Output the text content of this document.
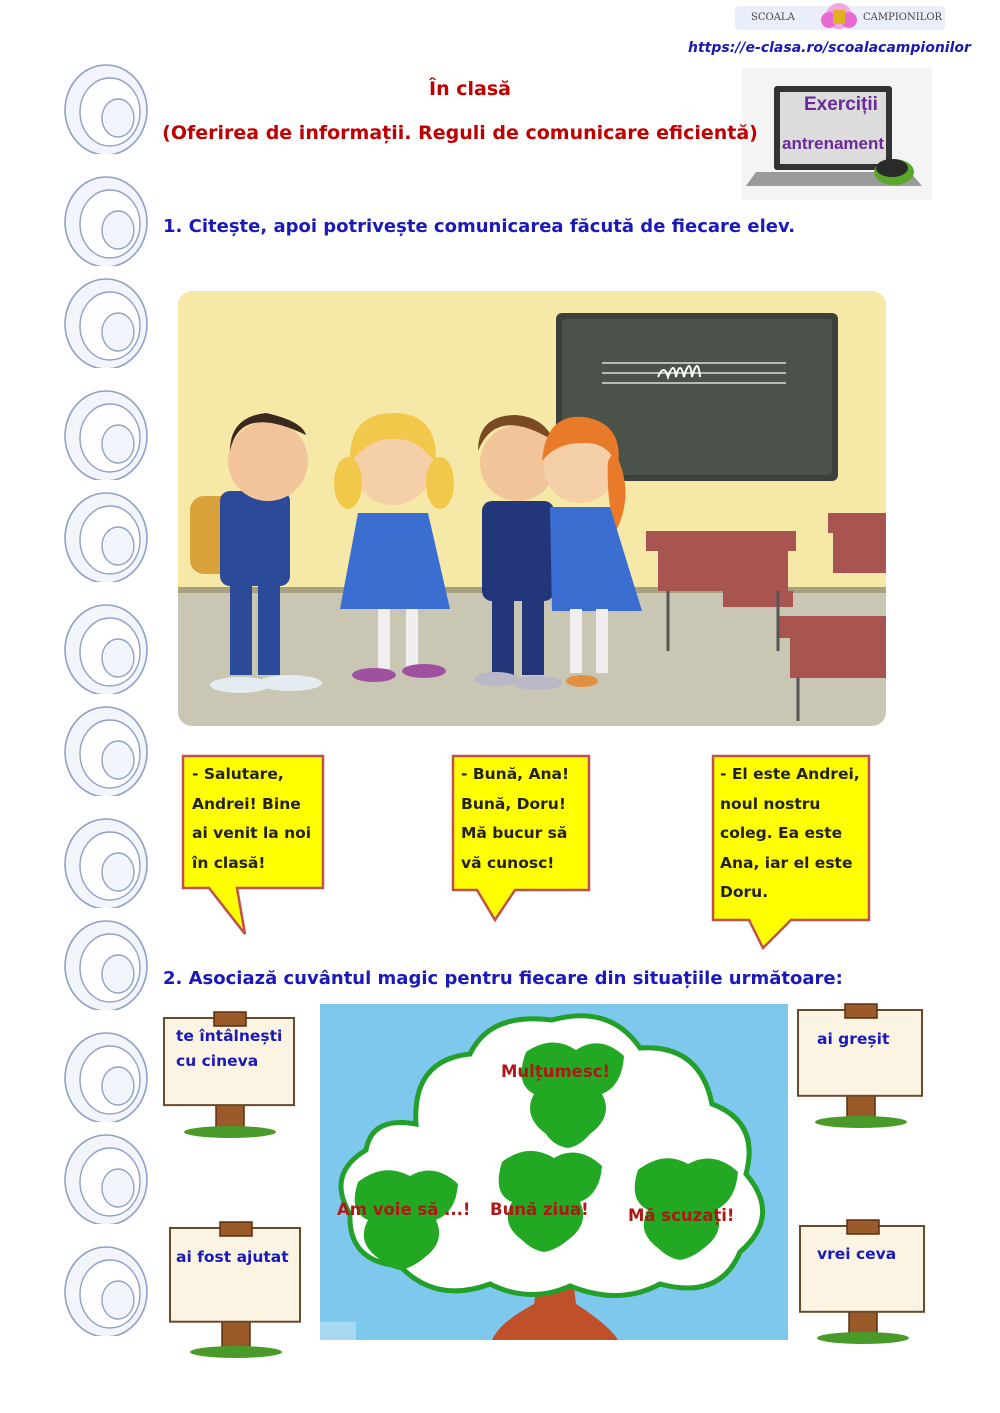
SCOALA	CAMPIONILOR
https://e-clasa.ro/scoalacampionilor
Exerciții
antrenament
În clasă
(Oferirea de informații. Reguli de comunicare eficientă)
1. Citește, apoi potrivește comunicarea făcută de fiecare elev.
- Salutare,
Andrei! Bine
ai venit la noi
în clasă!
- Bună, Ana!
Bună, Doru!
Mă bucur să
vă cunosc!
- El este Andrei,
noul nostru
coleg. Ea este
Ana, iar el este
Doru.
2. Asociază cuvântul magic pentru fiecare din situațiile următoare:
Mulțumesc!
Am voie să ...! Bună ziua! Mă scuzați!
te întâlnești
cu cineva
ai fost ajutat
ai greșit
vrei ceva
